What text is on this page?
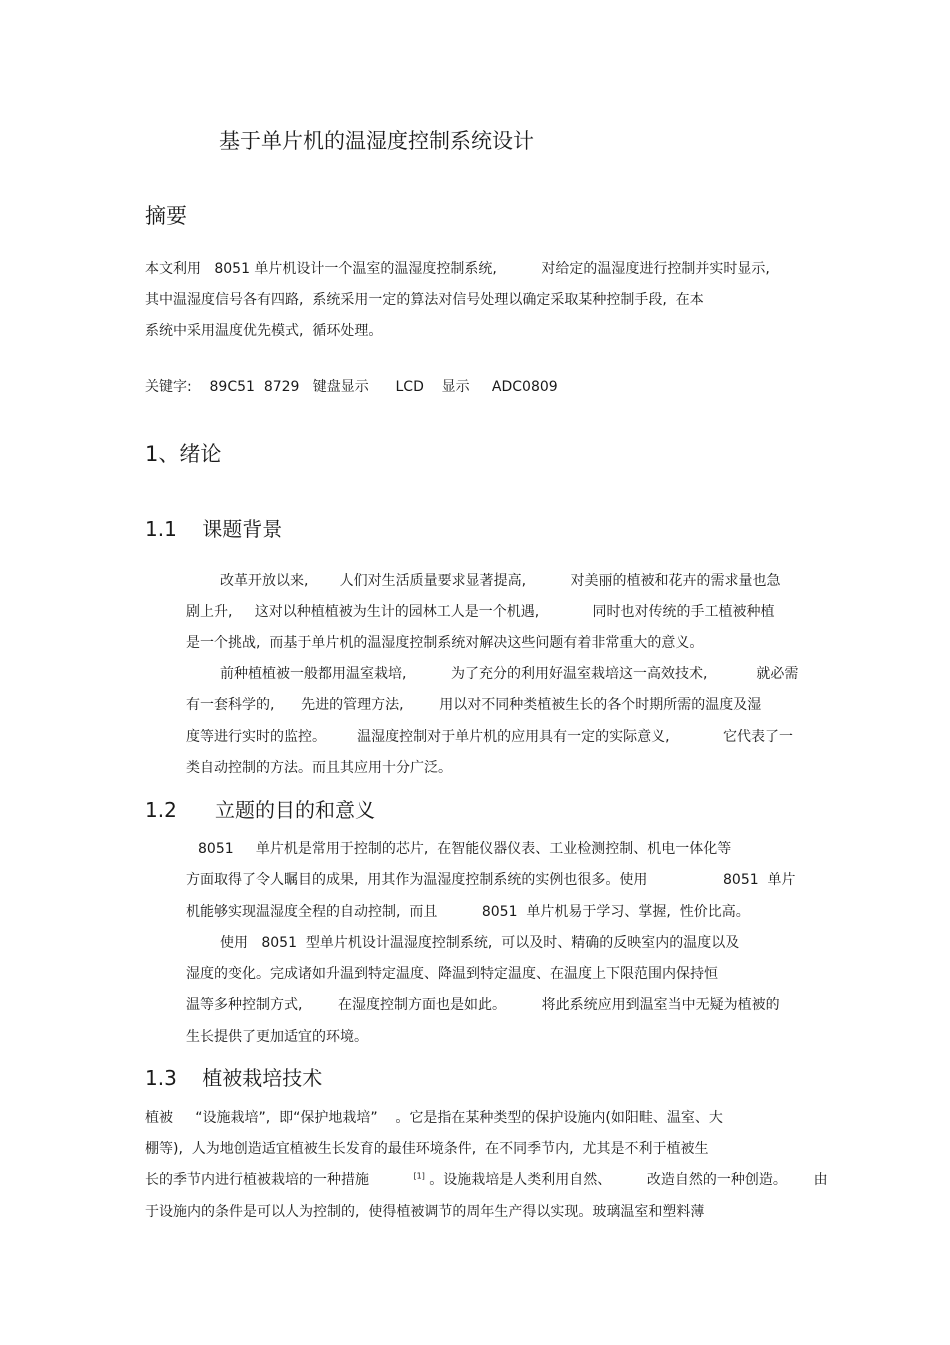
基于单片机的温湿度控制系统设计
摘要
本文利用   8051 单片机设计一个温室的温湿度控制系统,          对给定的温湿度进行控制并实时显示,
其中温湿度信号各有四路,  系统采用一定的算法对信号处理以确定采取某种控制手段,  在本
系统中采用温度优先模式,  循环处理。
关键字:    89C51  8729   键盘显示      LCD    显示     ADC0809
1、绪论
1.1    课题背景
改革开放以来,       人们对生活质量要求显著提高,          对美丽的植被和花卉的需求量也急
剧上升,     这对以种植植被为生计的园林工人是一个机遇,            同时也对传统的手工植被种植
是一个挑战,  而基于单片机的温湿度控制系统对解决这些问题有着非常重大的意义。
前种植植被一般都用温室栽培,          为了充分的利用好温室栽培这一高效技术,           就必需
有一套科学的,      先进的管理方法,        用以对不同种类植被生长的各个时期所需的温度及湿
度等进行实时的监控。       温湿度控制对于单片机的应用具有一定的实际意义,            它代表了一
类自动控制的方法。而且其应用十分广泛。
1.2      立题的目的和意义
8051     单片机是常用于控制的芯片,  在智能仪器仪表、工业检测控制、机电一体化等
方面取得了令人瞩目的成果,  用其作为温湿度控制系统的实例也很多。使用                 8051  单片
机能够实现温湿度全程的自动控制,  而且          8051  单片机易于学习、掌握,  性价比高。
使用   8051  型单片机设计温湿度控制系统,  可以及时、精确的反映室内的温度以及
湿度的变化。完成诸如升温到特定温度、降温到特定温度、在温度上下限范围内保持恒
温等多种控制方式,        在湿度控制方面也是如此。        将此系统应用到温室当中无疑为植被的
生长提供了更加适宜的环境。
1.3    植被栽培技术
植被     “设施栽培”,  即“保护地栽培”    。它是指在某种类型的保护设施内(如阳畦、温室、大
棚等),  人为地创造适宜植被生长发育的最佳环境条件,  在不同季节内,  尤其是不利于植被生
长的季节内进行植被栽培的一种措施          [1] 。设施栽培是人类利用自然、        改造自然的一种创造。      由
于设施内的条件是可以人为控制的,  使得植被调节的周年生产得以实现。玻璃温室和塑料薄
